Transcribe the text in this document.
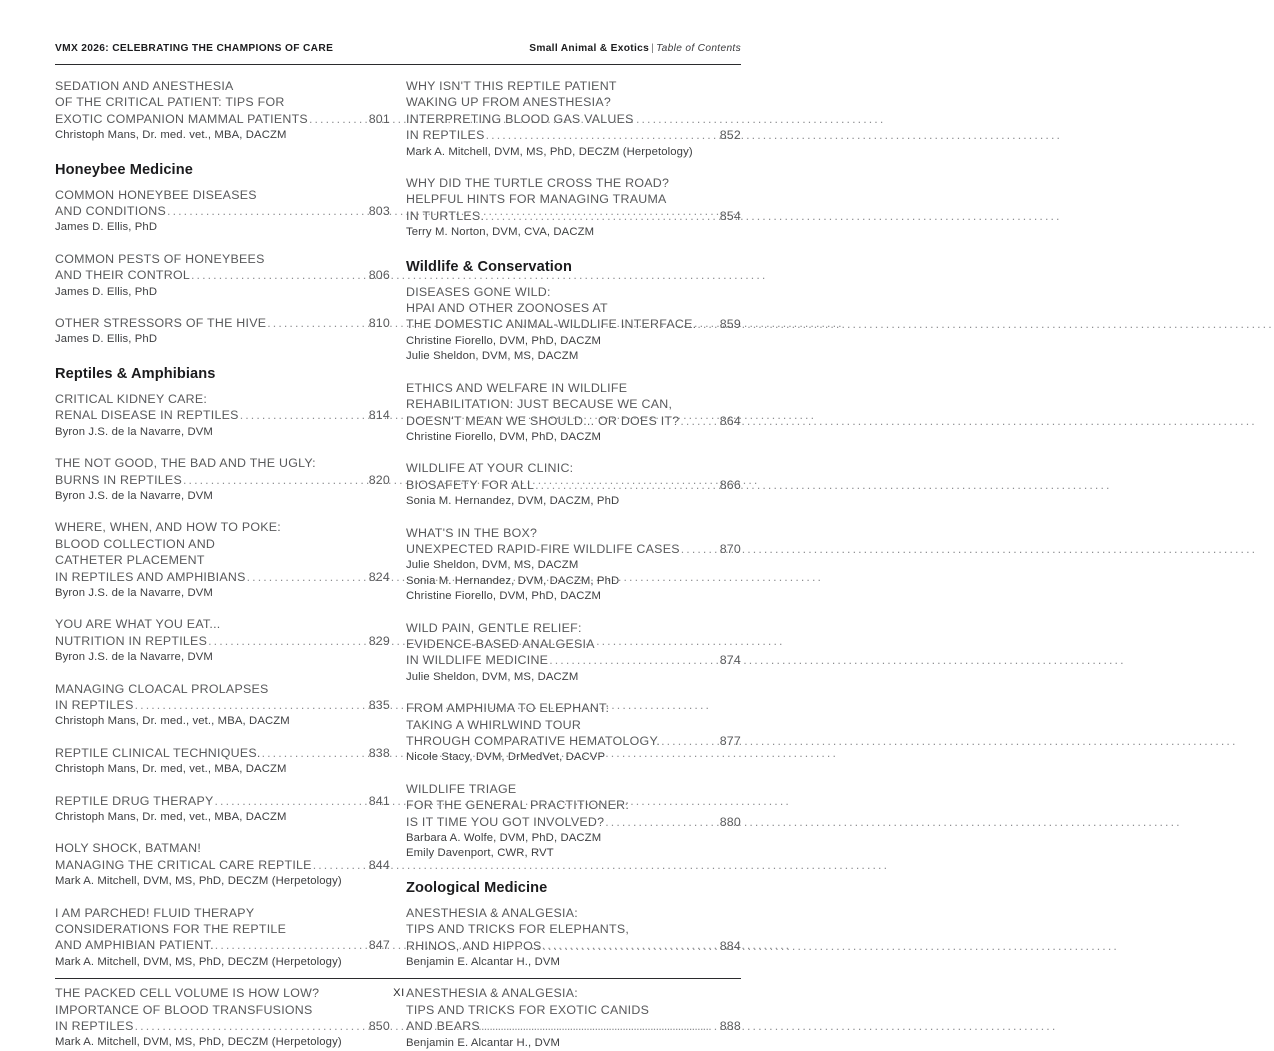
VMX 2026: CELEBRATING THE CHAMPIONS OF CARE	Small Animal & Exotics | Table of Contents
SEDATION AND ANESTHESIA
OF THE CRITICAL PATIENT: TIPS FOR
EXOTIC COMPANION MAMMAL PATIENTS .....	801
Christoph Mans, Dr. med. vet., MBA, DACZM
Honeybee Medicine
COMMON HONEYBEE DISEASES
AND CONDITIONS .....	803
James D. Ellis, PhD
COMMON PESTS OF HONEYBEES
AND THEIR CONTROL .....	806
James D. Ellis, PhD
OTHER STRESSORS OF THE HIVE .....	810
James D. Ellis, PhD
Reptiles & Amphibians
CRITICAL KIDNEY CARE:
RENAL DISEASE IN REPTILES .....	814
Byron J.S. de la Navarre, DVM
THE NOT GOOD, THE BAD AND THE UGLY:
BURNS IN REPTILES .....	820
Byron J.S. de la Navarre, DVM
WHERE, WHEN, AND HOW TO POKE:
BLOOD COLLECTION AND
CATHETER PLACEMENT
IN REPTILES AND AMPHIBIANS .....	824
Byron J.S. de la Navarre, DVM
YOU ARE WHAT YOU EAT...
NUTRITION IN REPTILES .....	829
Byron J.S. de la Navarre, DVM
MANAGING CLOACAL PROLAPSES
IN REPTILES .....	835
Christoph Mans, Dr. med., vet., MBA, DACZM
REPTILE CLINICAL TECHNIQUES. .....	838
Christoph Mans, Dr. med, vet., MBA, DACZM
REPTILE DRUG THERAPY .....	841
Christoph Mans, Dr. med, vet., MBA, DACZM
HOLY SHOCK, BATMAN!
MANAGING THE CRITICAL CARE REPTILE .....	844
Mark A. Mitchell, DVM, MS, PhD, DECZM (Herpetology)
I AM PARCHED! FLUID THERAPY
CONSIDERATIONS FOR THE REPTILE
AND AMPHIBIAN PATIENT. .....	847
Mark A. Mitchell, DVM, MS, PhD, DECZM (Herpetology)
THE PACKED CELL VOLUME IS HOW LOW?
IMPORTANCE OF BLOOD TRANSFUSIONS
IN REPTILES .....	850
Mark A. Mitchell, DVM, MS, PhD, DECZM (Herpetology)
WHY ISN'T THIS REPTILE PATIENT
WAKING UP FROM ANESTHESIA?
INTERPRETING BLOOD GAS VALUES
IN REPTILES .....	852
Mark A. Mitchell, DVM, MS, PhD, DECZM (Herpetology)
WHY DID THE TURTLE CROSS THE ROAD?
HELPFUL HINTS FOR MANAGING TRAUMA
IN TURTLES. .....	854
Terry M. Norton, DVM, CVA, DACZM
Wildlife & Conservation
DISEASES GONE WILD:
HPAI AND OTHER ZOONOSES AT
THE DOMESTIC ANIMAL-WILDLIFE INTERFACE. ..... 859
Christine Fiorello, DVM, PhD, DACZM
Julie Sheldon, DVM, MS, DACZM
ETHICS AND WELFARE IN WILDLIFE
REHABILITATION: JUST BECAUSE WE CAN,
DOESN'T MEAN WE SHOULD... OR DOES IT? .....	864
Christine Fiorello, DVM, PhD, DACZM
WILDLIFE AT YOUR CLINIC:
BIOSAFETY FOR ALL .....	866
Sonia M. Hernandez, DVM, DACZM, PhD
WHAT'S IN THE BOX?
UNEXPECTED RAPID-FIRE WILDLIFE CASES .....	870
Julie Sheldon, DVM, MS, DACZM
Sonia M. Hernandez, DVM, DACZM, PhD
Christine Fiorello, DVM, PhD, DACZM
WILD PAIN, GENTLE RELIEF:
EVIDENCE-BASED ANALGESIA
IN WILDLIFE MEDICINE .....	874
Julie Sheldon, DVM, MS, DACZM
FROM AMPHIUMA TO ELEPHANT:
TAKING A WHIRLWIND TOUR
THROUGH COMPARATIVE HEMATOLOGY. .....	877
Nicole Stacy, DVM, DrMedVet, DACVP
WILDLIFE TRIAGE
FOR THE GENERAL PRACTITIONER:
IS IT TIME YOU GOT INVOLVED? .....	880
Barbara A. Wolfe, DVM, PhD, DACZM
Emily Davenport, CWR, RVT
Zoological Medicine
ANESTHESIA & ANALGESIA:
TIPS AND TRICKS FOR ELEPHANTS,
RHINOS, AND HIPPOS .....	884
Benjamin E. Alcantar H., DVM
ANESTHESIA & ANALGESIA:
TIPS AND TRICKS FOR EXOTIC CANIDS
AND BEARS .....	888
Benjamin E. Alcantar H., DVM
XI
